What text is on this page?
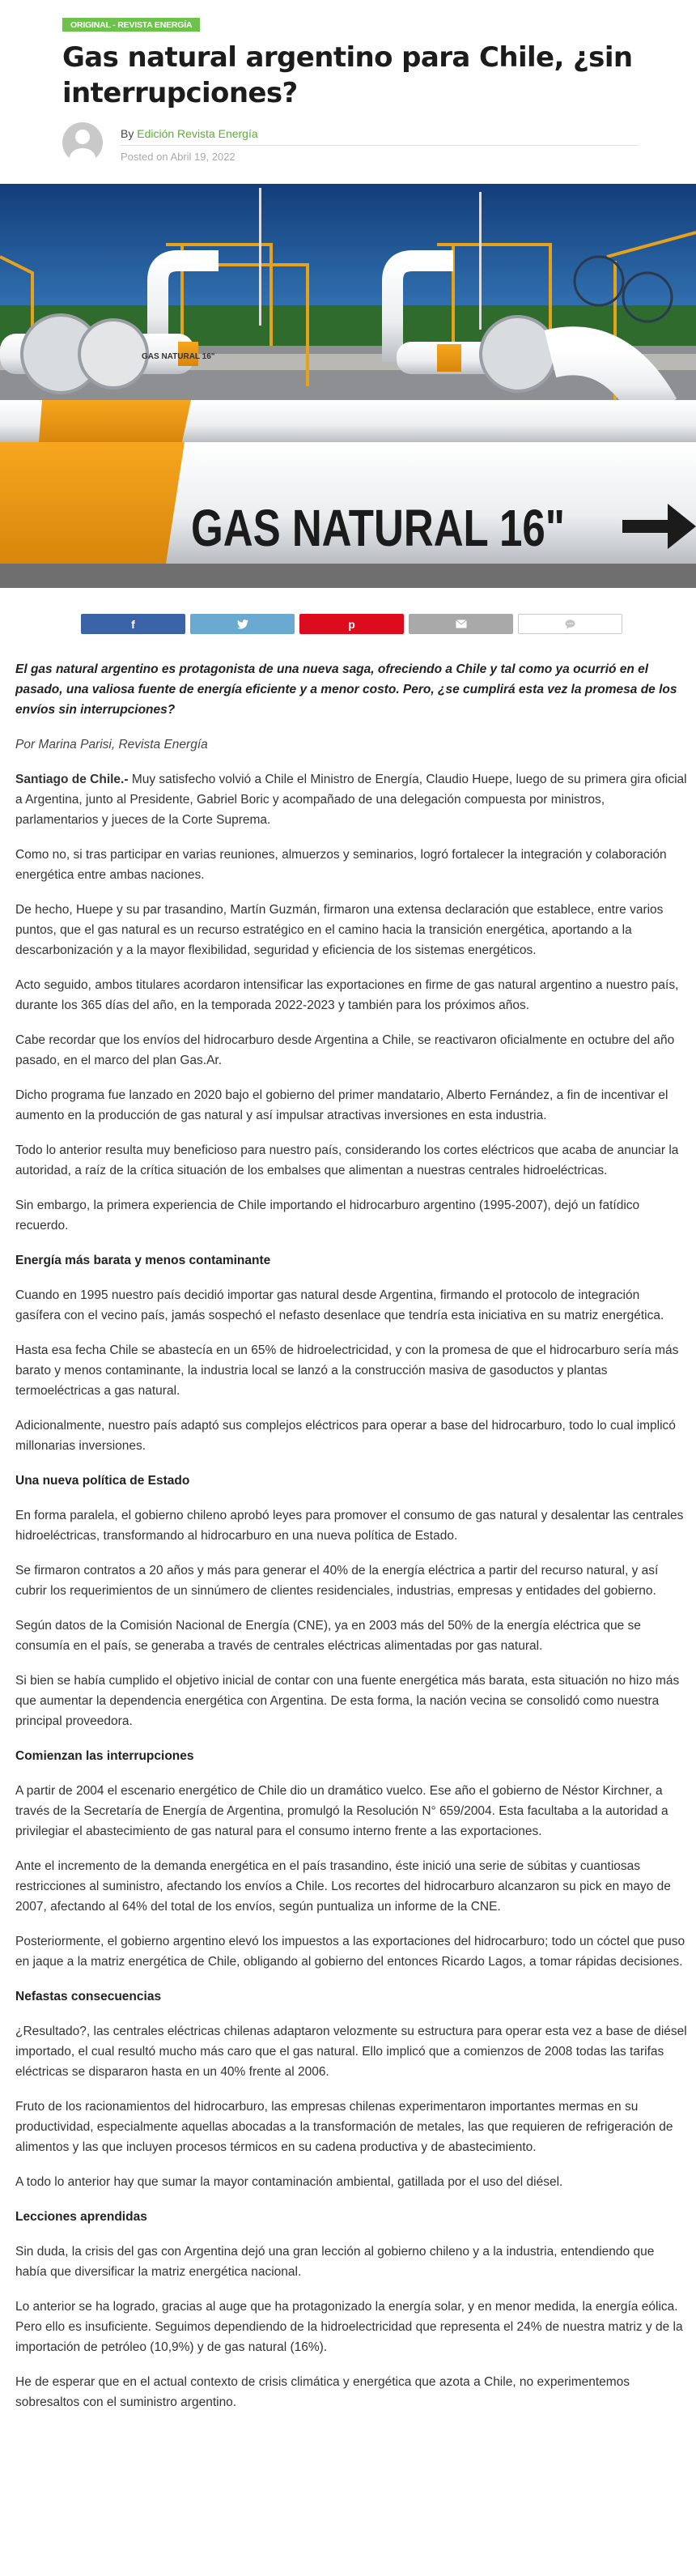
ORIGINAL - REVISTA ENERGÍA
Gas natural argentino para Chile, ¿sin interrupciones?
By Edición Revista Energía
Posted on Abril 19, 2022
GAS NATURAL 16"
GAS NATURAL 16"
f	p

El gas natural argentino es protagonista de una nueva saga, ofreciendo a Chile y tal como ya ocurrió en el pasado, una valiosa fuente de energía eficiente y a menor costo. Pero, ¿se cumplirá esta vez la promesa de los envíos sin interrupciones?

Por Marina Parisi, Revista Energía

Santiago de Chile.- Muy satisfecho volvió a Chile el Ministro de Energía, Claudio Huepe, luego de su primera gira oficial a Argentina, junto al Presidente, Gabriel Boric y acompañado de una delegación compuesta por ministros, parlamentarios y jueces de la Corte Suprema.

Como no, si tras participar en varias reuniones, almuerzos y seminarios, logró fortalecer la integración y colaboración energética entre ambas naciones.

De hecho, Huepe y su par trasandino, Martín Guzmán, firmaron una extensa declaración que establece, entre varios puntos, que el gas natural es un recurso estratégico en el camino hacia la transición energética, aportando a la descarbonización y a la mayor flexibilidad, seguridad y eficiencia de los sistemas energéticos.

Acto seguido, ambos titulares acordaron intensificar las exportaciones en firme de gas natural argentino a nuestro país, durante los 365 días del año, en la temporada 2022-2023 y también para los próximos años.

Cabe recordar que los envíos del hidrocarburo desde Argentina a Chile, se reactivaron oficialmente en octubre del año pasado, en el marco del plan Gas.Ar.

Dicho programa fue lanzado en 2020 bajo el gobierno del primer mandatario, Alberto Fernández, a fin de incentivar el aumento en la producción de gas natural y así impulsar atractivas inversiones en esta industria.

Todo lo anterior resulta muy beneficioso para nuestro país, considerando los cortes eléctricos que acaba de anunciar la autoridad, a raíz de la crítica situación de los embalses que alimentan a nuestras centrales hidroeléctricas.

Sin embargo, la primera experiencia de Chile importando el hidrocarburo argentino (1995-2007), dejó un fatídico recuerdo.

Energía más barata y menos contaminante

Cuando en 1995 nuestro país decidió importar gas natural desde Argentina, firmando el protocolo de integración gasífera con el vecino país, jamás sospechó el nefasto desenlace que tendría esta iniciativa en su matriz energética.

Hasta esa fecha Chile se abastecía en un 65% de hidroelectricidad, y con la promesa de que el hidrocarburo sería más barato y menos contaminante, la industria local se lanzó a la construcción masiva de gasoductos y plantas termoeléctricas a gas natural.

Adicionalmente, nuestro país adaptó sus complejos eléctricos para operar a base del hidrocarburo, todo lo cual implicó millonarias inversiones.

Una nueva política de Estado

En forma paralela, el gobierno chileno aprobó leyes para promover el consumo de gas natural y desalentar las centrales hidroeléctricas, transformando al hidrocarburo en una nueva política de Estado.

Se firmaron contratos a 20 años y más para generar el 40% de la energía eléctrica a partir del recurso natural, y así cubrir los requerimientos de un sinnúmero de clientes residenciales, industrias, empresas y entidades del gobierno.

Según datos de la Comisión Nacional de Energía (CNE), ya en 2003 más del 50% de la energía eléctrica que se consumía en el país, se generaba a través de centrales eléctricas alimentadas por gas natural.

Si bien se había cumplido el objetivo inicial de contar con una fuente energética más barata, esta situación no hizo más que aumentar la dependencia energética con Argentina. De esta forma, la nación vecina se consolidó como nuestra principal proveedora.

Comienzan las interrupciones

A partir de 2004 el escenario energético de Chile dio un dramático vuelco. Ese año el gobierno de Néstor Kirchner, a través de la Secretaría de Energía de Argentina, promulgó la Resolución N° 659/2004. Esta facultaba a la autoridad a privilegiar el abastecimiento de gas natural para el consumo interno frente a las exportaciones.

Ante el incremento de la demanda energética en el país trasandino, éste inició una serie de súbitas y cuantiosas restricciones al suministro, afectando los envíos a Chile. Los recortes del hidrocarburo alcanzaron su pick en mayo de 2007, afectando al 64% del total de los envíos, según puntualiza un informe de la CNE.

Posteriormente, el gobierno argentino elevó los impuestos a las exportaciones del hidrocarburo; todo un cóctel que puso en jaque a la matriz energética de Chile, obligando al gobierno del entonces Ricardo Lagos, a tomar rápidas decisiones.

Nefastas consecuencias

¿Resultado?, las centrales eléctricas chilenas adaptaron velozmente su estructura para operar esta vez a base de diésel importado, el cual resultó mucho más caro que el gas natural. Ello implicó que a comienzos de 2008 todas las tarifas eléctricas se dispararon hasta en un 40% frente al 2006.

Fruto de los racionamientos del hidrocarburo, las empresas chilenas experimentaron importantes mermas en su productividad, especialmente aquellas abocadas a la transformación de metales, las que requieren de refrigeración de alimentos y las que incluyen procesos térmicos en su cadena productiva y de abastecimiento.

A todo lo anterior hay que sumar la mayor contaminación ambiental, gatillada por el uso del diésel.

Lecciones aprendidas

Sin duda, la crisis del gas con Argentina dejó una gran lección al gobierno chileno y a la industria, entendiendo que había que diversificar la matriz energética nacional.

Lo anterior se ha logrado, gracias al auge que ha protagonizado la energía solar, y en menor medida, la energía eólica. Pero ello es insuficiente. Seguimos dependiendo de la hidroelectricidad que representa el 24% de nuestra matriz y de la importación de petróleo (10,9%) y de gas natural (16%).

He de esperar que en el actual contexto de crisis climática y energética que azota a Chile, no experimentemos sobresaltos con el suministro argentino.
